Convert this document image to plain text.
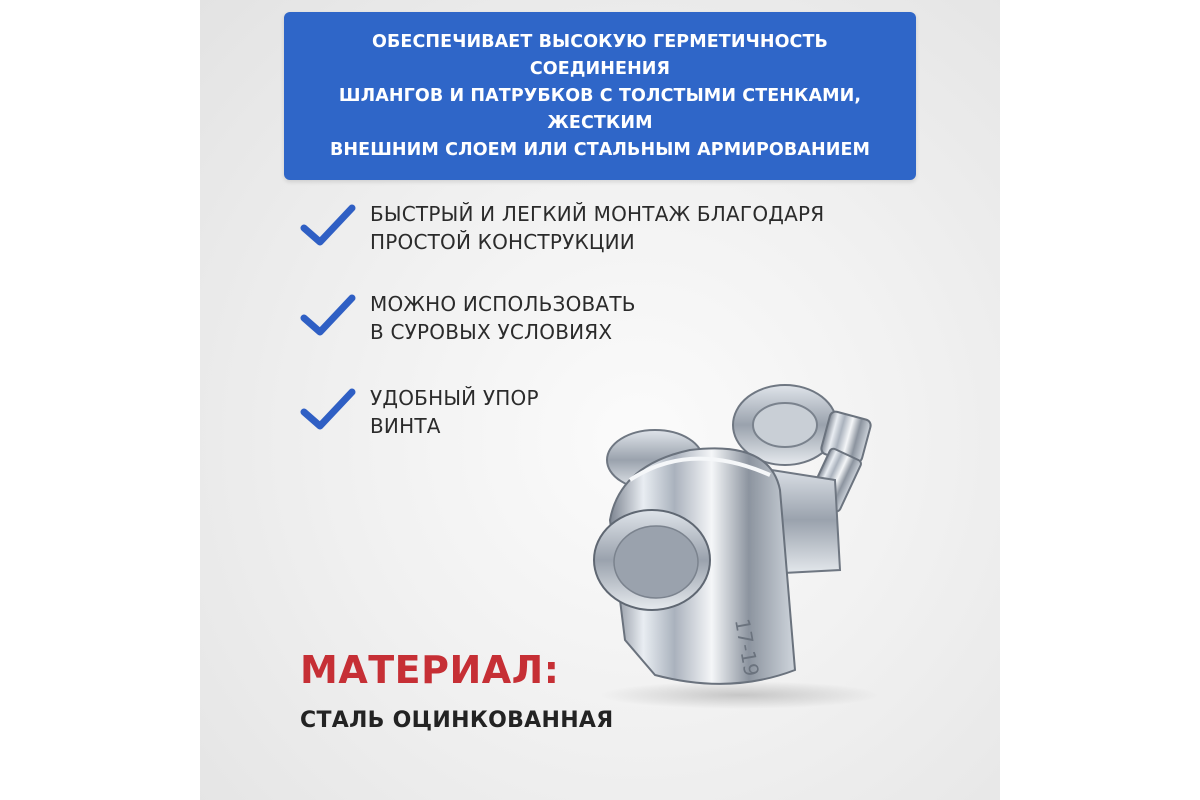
ОБЕСПЕЧИВАЕТ ВЫСОКУЮ ГЕРМЕТИЧНОСТЬ СОЕДИНЕНИЯ
ШЛАНГОВ И ПАТРУБКОВ С ТОЛСТЫМИ СТЕНКАМИ, ЖЕСТКИМ
ВНЕШНИМ СЛОЕМ ИЛИ СТАЛЬНЫМ АРМИРОВАНИЕМ
БЫСТРЫЙ И ЛЕГКИЙ МОНТАЖ БЛАГОДАРЯ
ПРОСТОЙ КОНСТРУКЦИИ
МОЖНО ИСПОЛЬЗОВАТЬ
В СУРОВЫХ УСЛОВИЯХ
УДОБНЫЙ УПОР
ВИНТА
17-19
МАТЕРИАЛ:
СТАЛЬ ОЦИНКОВАННАЯ
